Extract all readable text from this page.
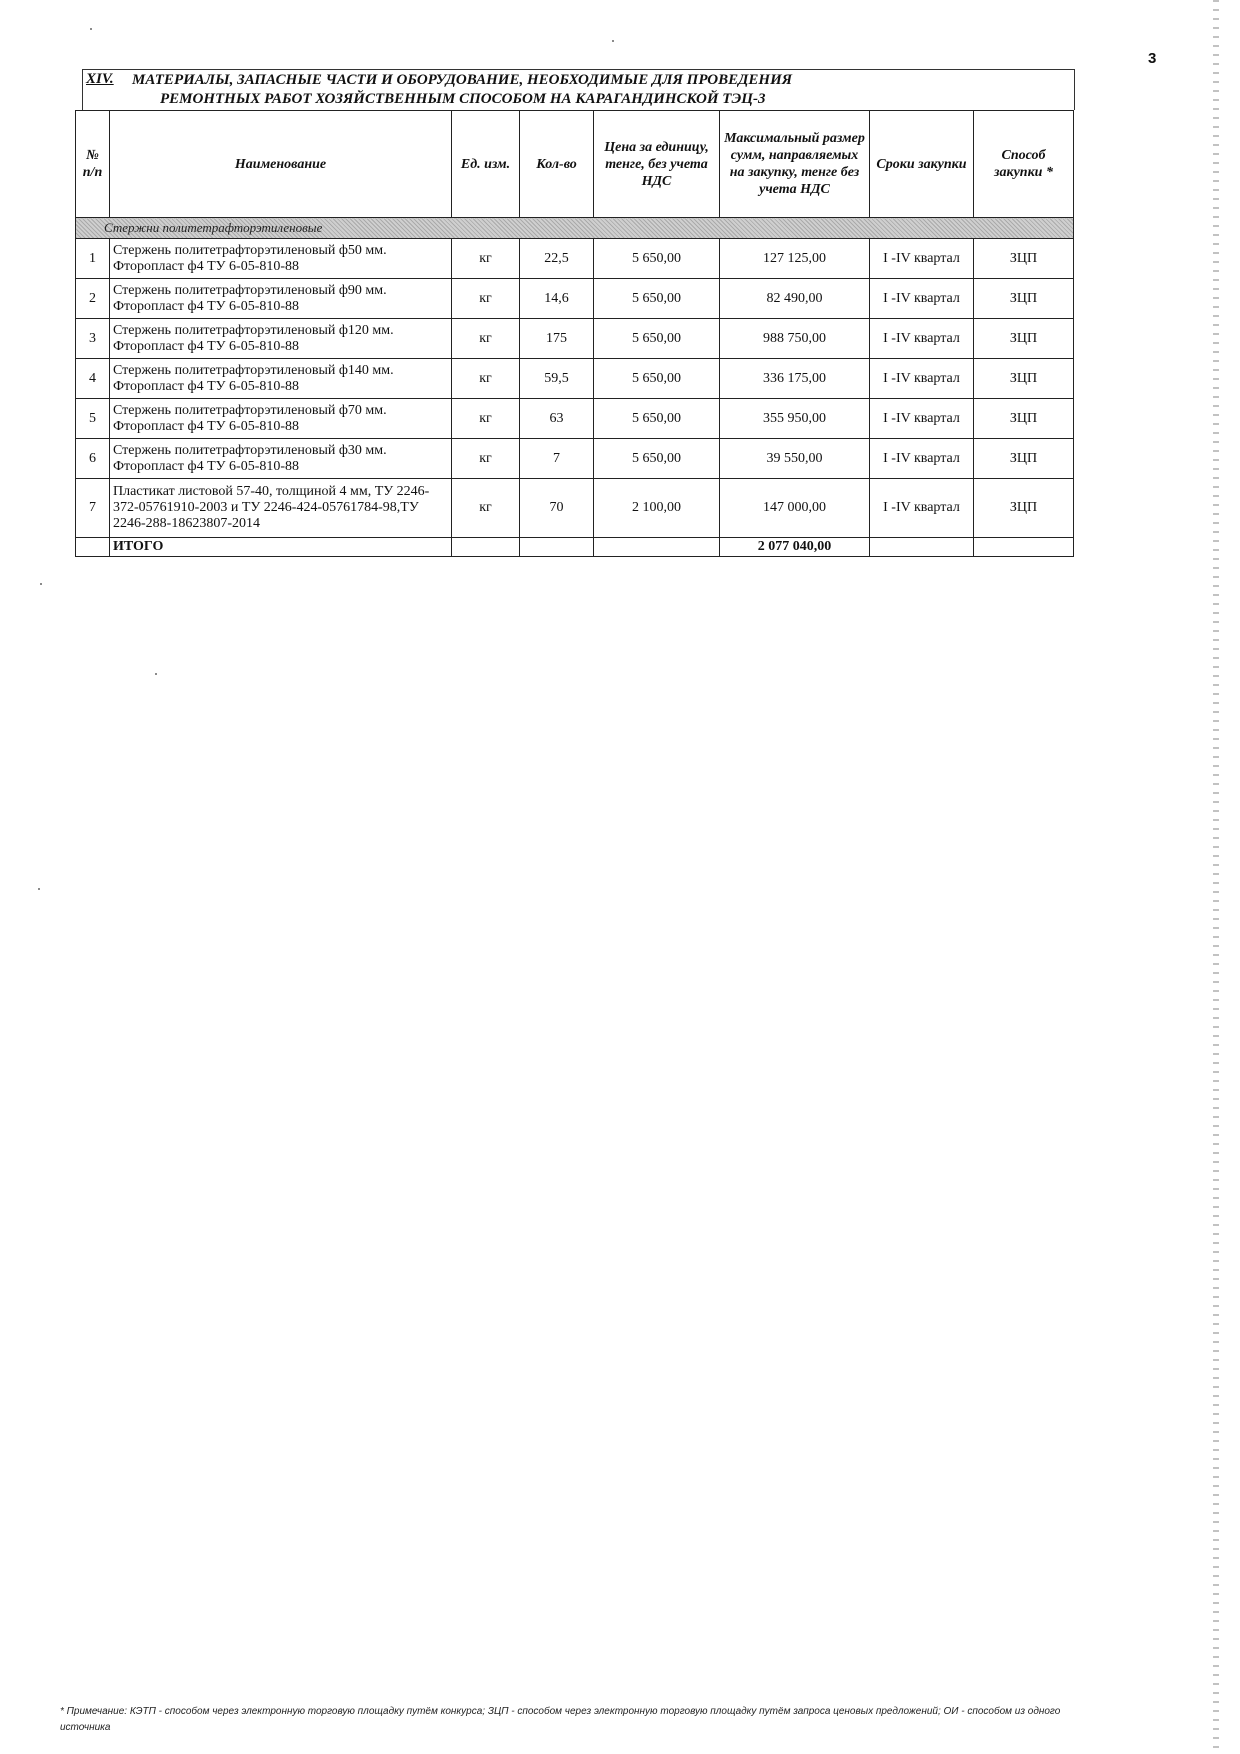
3
XIV. МАТЕРИАЛЫ, ЗАПАСНЫЕ ЧАСТИ И ОБОРУДОВАНИЕ, НЕОБХОДИМЫЕ ДЛЯ ПРОВЕДЕНИЯ
РЕМОНТНЫХ РАБОТ ХОЗЯЙСТВЕННЫМ СПОСОБОМ НА КАРАГАНДИНСКОЙ ТЭЦ-3
№ п/п	Наименование	Ед. изм.	Кол-во	Цена за единицу, тенге, без учета НДС	Максимальный размер сумм, направляемых на закупку, тенге без учета НДС	Сроки закупки	Способ закупки *
Стержни политетрафторэтиленовые							
1	Стержень политетрафторэтиленовый ф50 мм. Фторопласт ф4 ТУ 6-05-810-88	кг	22,5	5 650,00	127 125,00	I -IV квартал	ЗЦП
2	Стержень политетрафторэтиленовый ф90 мм. Фторопласт ф4 ТУ 6-05-810-88	кг	14,6	5 650,00	82 490,00	I -IV квартал	ЗЦП
3	Стержень политетрафторэтиленовый ф120 мм. Фторопласт ф4 ТУ 6-05-810-88	кг	175	5 650,00	988 750,00	I -IV квартал	ЗЦП
4	Стержень политетрафторэтиленовый ф140 мм. Фторопласт ф4 ТУ 6-05-810-88	кг	59,5	5 650,00	336 175,00	I -IV квартал	ЗЦП
5	Стержень политетрафторэтиленовый ф70 мм. Фторопласт ф4 ТУ 6-05-810-88	кг	63	5 650,00	355 950,00	I -IV квартал	ЗЦП
6	Стержень политетрафторэтиленовый ф30 мм. Фторопласт ф4 ТУ 6-05-810-88	кг	7	5 650,00	39 550,00	I -IV квартал	ЗЦП
7	Пластикат листовой 57-40, толщиной 4 мм, ТУ 2246-372-05761910-2003 и ТУ 2246-424-05761784-98,ТУ 2246-288-18623807-2014	кг	70	2 100,00	147 000,00	I -IV квартал	ЗЦП
	ИТОГО				2 077 040,00		
* Примечание: КЭТП - способом через электронную торговую площадку путём конкурса; ЗЦП - способом через электронную торговую площадку путём запроса ценовых предложений; ОИ - способом из одного источника
